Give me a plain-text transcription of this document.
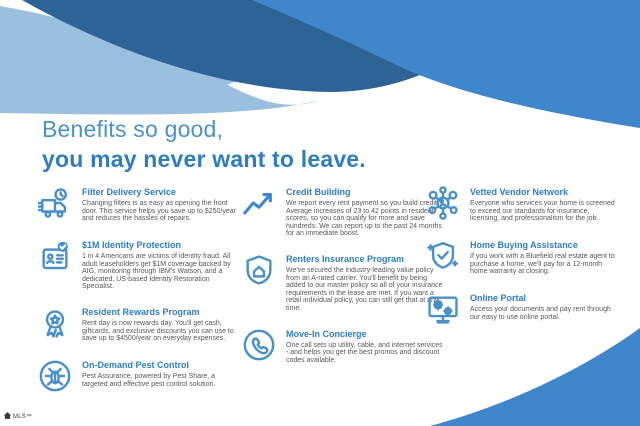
Benefits so good,
you may never want to leave.
Filter Delivery Service

Changing filters is as easy as opening the front door. This service helps you save up to $250/year and reduces the hassles of repairs.

$1M Identity Protection

1 in 4 Americans are victims of identity fraud. All adult leaseholders get $1M coverage backed by AIG, monitoring through IBM's Watson, and a dedicated, US-based Identity Restoration Specialist.

Resident Rewards Program

Rent day is now rewards day. You'll get cash, giftcards, and exclusive discounts you can use to save up to $4500/year on everyday expenses.

On-Demand Pest Control

Pest Assurance, powered by Pest Share, a targeted and effective pest control solution.

Credit Building

We report every rent payment so you build credit. Average increases of 23 to 42 points in resident scores, so you can qualify for more and save hundreds. We can report up to the past 24 months for an immediate boost.

Renters Insurance Program

We've secured the industry-leading value policy from an A-rated carrier. You'll benefit by being added to our master policy so all of your insurance requirements in the lease are met. If you want a retail individual policy, you can still get that at any time.

Move-In Concierge

One call sets up utility, cable, and internet services - and helps you get the best promos and discount codes available.

Vetted Vendor Network

Everyone who services your home is screened to exceed our standards for insurance, licensing, and professionalism for the job.

Home Buying Assistance

If you work with a Bluefield real estate agent to purchase a home, we'll pay for a 12-month home warranty at closing.

Online Portal

Access your documents and pay rent through our easy to use online portal.

MLS™
